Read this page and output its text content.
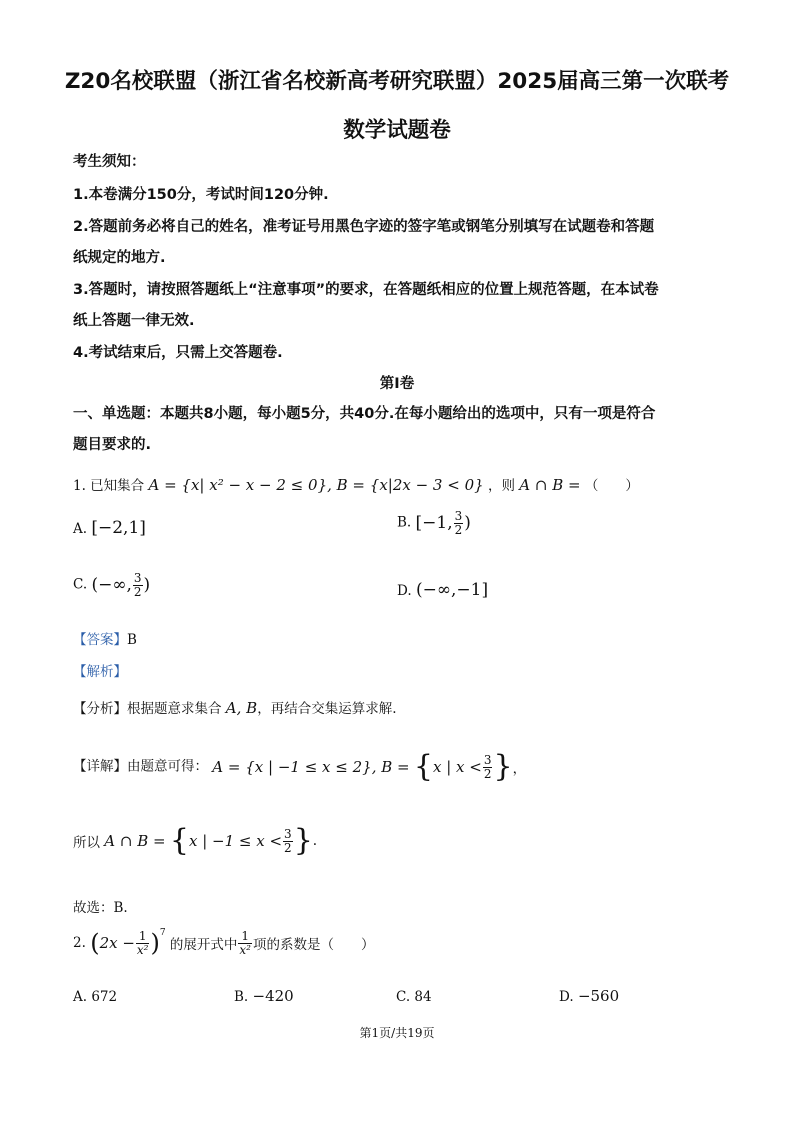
Z20名校联盟（浙江省名校新高考研究联盟）2025届高三第一次联考
数学试题卷
考生须知：
1.本卷满分150分，考试时间120分钟.
2.答题前务必将自己的姓名，准考证号用黑色字迹的签字笔或钢笔分别填写在试题卷和答题
纸规定的地方.
3.答题时，请按照答题纸上“注意事项”的要求，在答题纸相应的位置上规范答题，在本试卷
纸上答题一律无效.
4.考试结束后，只需上交答题卷.
第Ⅰ卷
一、单选题：本题共8小题，每小题5分，共40分.在每小题给出的选项中，只有一项是符合
题目要求的.
1. 已知集合 A = {x| x² − x − 2 ≤ 0}, B = {x|2x − 3 < 0} ，则 A ∩ B = （　　）
A. [−2,1]	B. [−1, $\frac{3}{2}$ )
C. (−∞, $\frac{3}{2}$ )	D. (−∞,−1]
【答案】B
【解析】
【分析】根据题意求集合 A, B，再结合交集运算求解.
【详解】由题意可得： A = {x | −1 ≤ x ≤ 2}, B = {x | $x < \frac{3}{2}$ }，
所以 A ∩ B = {x | $-1 \le x < \frac{3}{2}$ }.
故选：B.
2. $(2x - \frac{1}{\text{x²}} )^7$ 的展开式中 $\frac{1}{\text{x²}}$ 项的系数是（　　）
A. 672	B. −420	C. 84	D. −560
第1页/共19页
